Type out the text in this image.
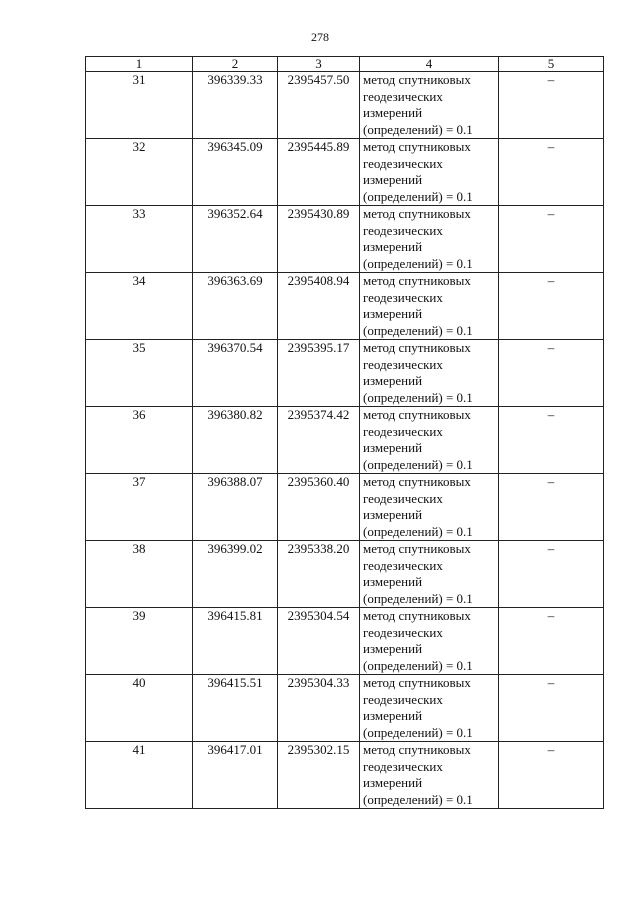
278
1	2	3	4	5
31	396339.33	2395457.50	метод спутниковых
геодезических
измерений
(определений) = 0.1	–
32	396345.09	2395445.89	метод спутниковых
геодезических
измерений
(определений) = 0.1	–
33	396352.64	2395430.89	метод спутниковых
геодезических
измерений
(определений) = 0.1	–
34	396363.69	2395408.94	метод спутниковых
геодезических
измерений
(определений) = 0.1	–
35	396370.54	2395395.17	метод спутниковых
геодезических
измерений
(определений) = 0.1	–
36	396380.82	2395374.42	метод спутниковых
геодезических
измерений
(определений) = 0.1	–
37	396388.07	2395360.40	метод спутниковых
геодезических
измерений
(определений) = 0.1	–
38	396399.02	2395338.20	метод спутниковых
геодезических
измерений
(определений) = 0.1	–
39	396415.81	2395304.54	метод спутниковых
геодезических
измерений
(определений) = 0.1	–
40	396415.51	2395304.33	метод спутниковых
геодезических
измерений
(определений) = 0.1	–
41	396417.01	2395302.15	метод спутниковых
геодезических
измерений
(определений) = 0.1	–
